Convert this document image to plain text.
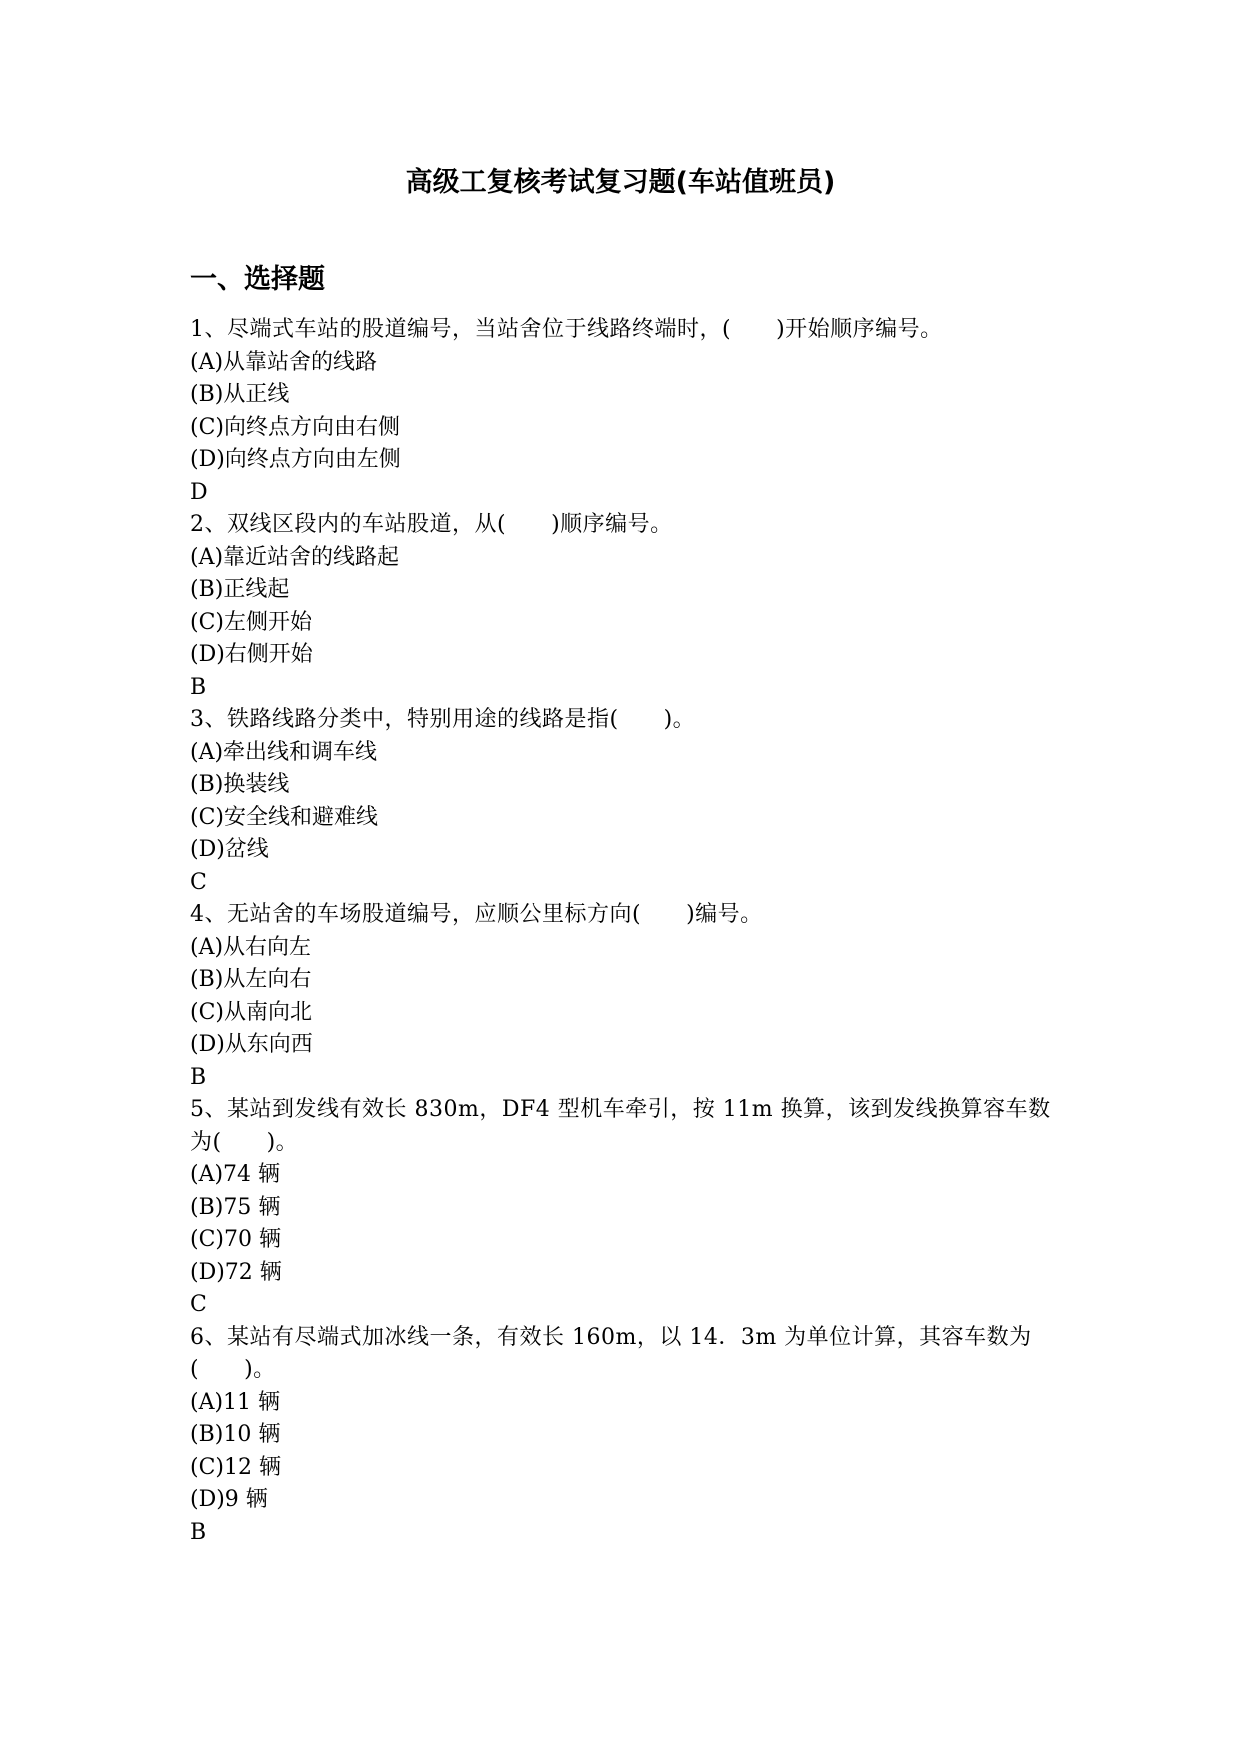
高级工复核考试复习题(车站值班员)
一、选择题

1、尽端式车站的股道编号，当站舍位于线路终端时，(　　)开始顺序编号。

(A)从靠站舍的线路

(B)从正线

(C)向终点方向由右侧

(D)向终点方向由左侧

D

2、双线区段内的车站股道，从(　　)顺序编号。

(A)靠近站舍的线路起

(B)正线起

(C)左侧开始

(D)右侧开始

B

3、铁路线路分类中，特别用途的线路是指(　　)。

(A)牵出线和调车线

(B)换装线

(C)安全线和避难线

(D)岔线

C

4、无站舍的车场股道编号，应顺公里标方向(　　)编号。

(A)从右向左

(B)从左向右

(C)从南向北

(D)从东向西

B

5、某站到发线有效长 830m，DF4 型机车牵引，按 11m 换算，该到发线换算容车数为(　　)。

(A)74 辆

(B)75 辆

(C)70 辆

(D)72 辆

C

6、某站有尽端式加冰线一条，有效长 160m，以 14．3m 为单位计算，其容车数为(　　)。

(A)11 辆

(B)10 辆

(C)12 辆

(D)9 辆

B
